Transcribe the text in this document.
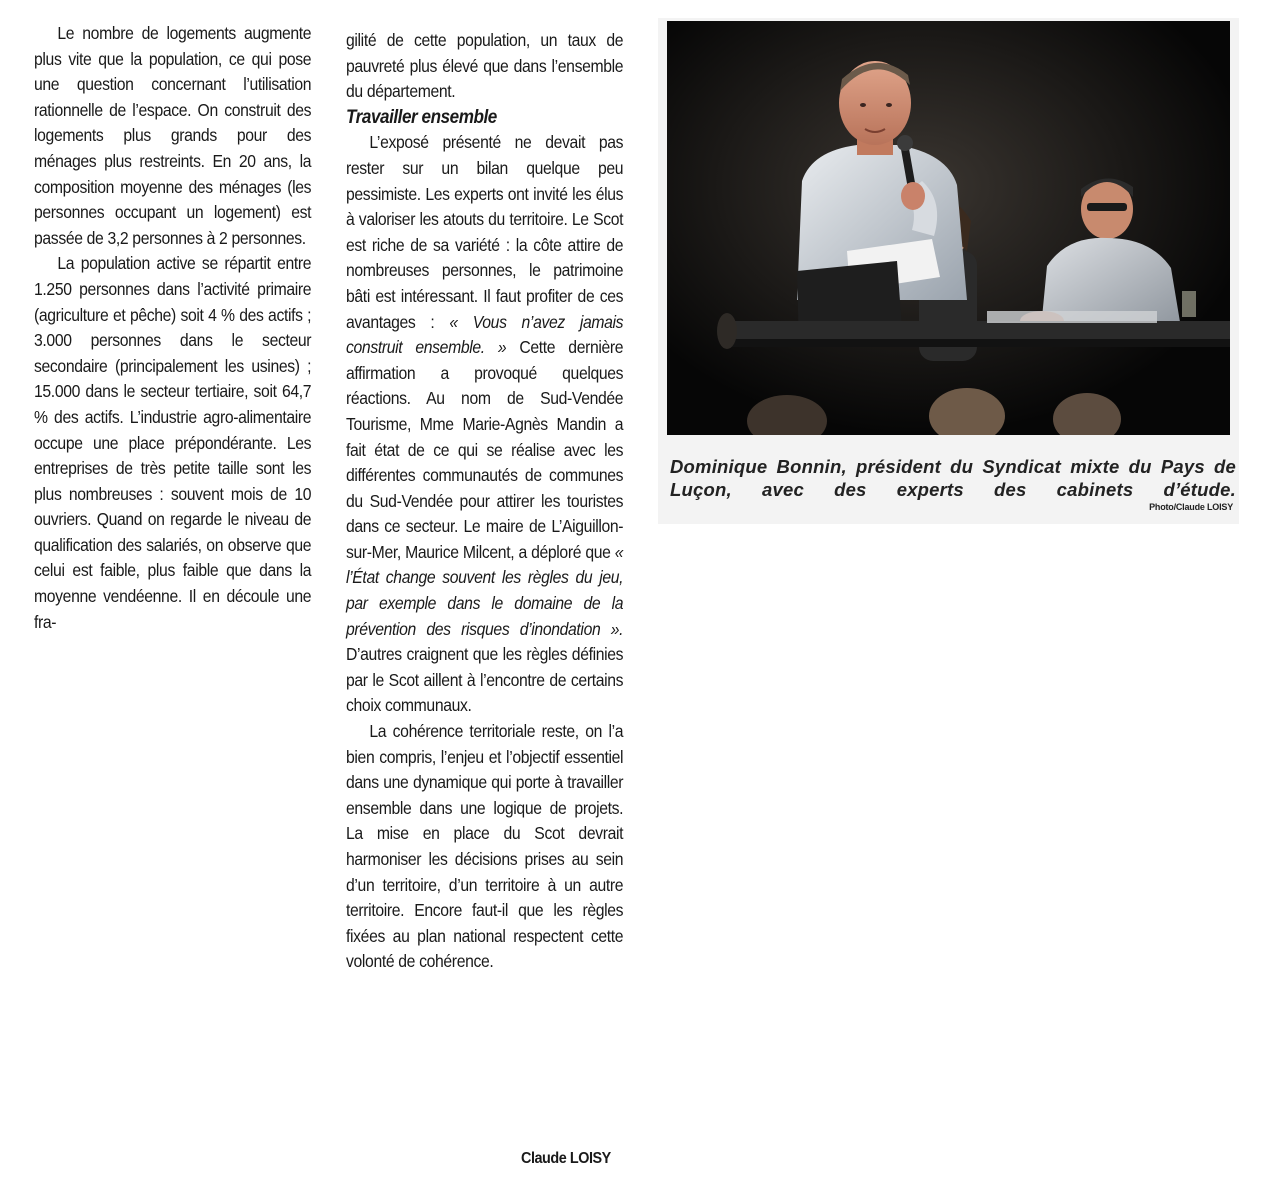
Le nombre de logements augmente plus vite que la population, ce qui pose une question concernant l’utilisation rationnelle de l’espace. On construit des logements plus grands pour des ménages plus restreints. En 20 ans, la composition moyenne des ménages (les personnes occupant un logement) est passée de 3,2 personnes à 2 personnes.

La population active se répartit entre 1.250 personnes dans l’activité primaire (agriculture et pêche) soit 4 % des actifs ; 3.000 personnes dans le secteur secondaire (principalement les usines) ; 15.000 dans le secteur tertiaire, soit 64,7 % des actifs. L’industrie agro-alimentaire occupe une place prépondérante. Les entreprises de très petite taille sont les plus nombreuses : souvent mois de 10 ouvriers. Quand on regarde le niveau de qualification des salariés, on observe que celui est faible, plus faible que dans la moyenne vendéenne. Il en découle une fra-

gilité de cette population, un taux de pauvreté plus élevé que dans l’ensemble du département.

Travailler ensemble

L’exposé présenté ne devait pas rester sur un bilan quelque peu pessimiste. Les experts ont invité les élus à valoriser les atouts du territoire. Le Scot est riche de sa variété : la côte attire de nombreuses personnes, le patrimoine bâti est intéressant. Il faut profiter de ces avantages : « Vous n’avez jamais construit ensemble. » Cette dernière affirmation a provoqué quelques réactions. Au nom de Sud-Vendée Tourisme, Mme Marie-Agnès Mandin a fait état de ce qui se réalise avec les différentes communautés de communes du Sud-Vendée pour attirer les touristes dans ce secteur. Le maire de L’Aiguillon-sur-Mer, Maurice Milcent, a déploré que « l’État change souvent les règles du jeu, par exemple dans le domaine de la prévention des risques d’inondation ». D’autres craignent que les règles définies par le Scot aillent à l’encontre de certains choix communaux.

La cohérence territoriale reste, on l’a bien compris, l’enjeu et l’objectif essentiel dans une dynamique qui porte à travailler ensemble dans une logique de projets. La mise en place du Scot devrait harmoniser les décisions prises au sein d’un territoire, d’un territoire à un autre territoire. Encore faut-il que les règles fixées au plan national respectent cette volonté de cohérence.

Claude LOISY
Dominique Bonnin, président du Syndicat mixte du Pays de Luçon, avec des experts des cabinets d’étude.
Photo/Claude LOISY
